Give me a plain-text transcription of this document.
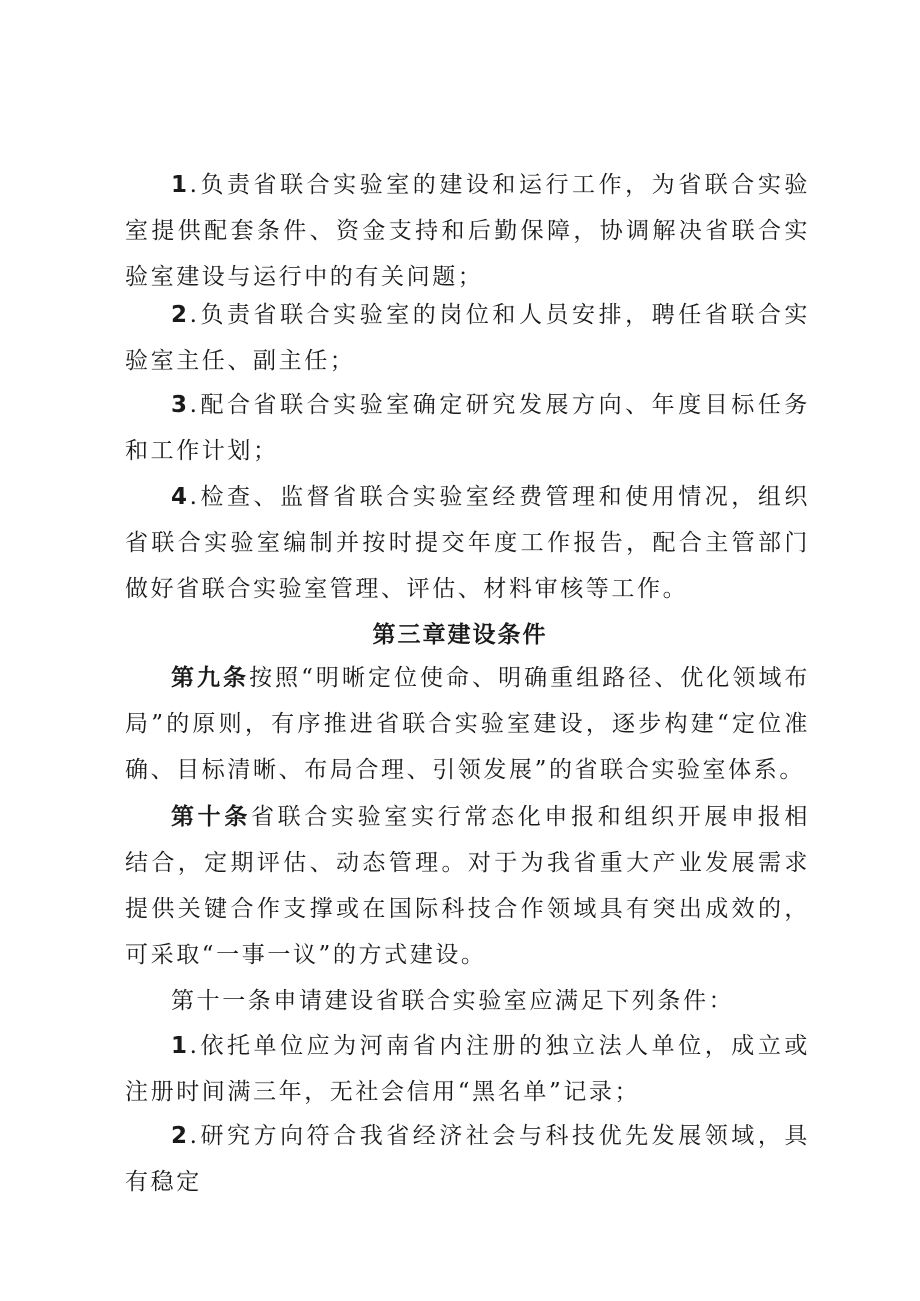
1.负责省联合实验室的建设和运行工作，为省联合实验室提供配套条件、资金支持和后勤保障，协调解决省联合实验室建设与运行中的有关问题；

2.负责省联合实验室的岗位和人员安排，聘任省联合实验室主任、副主任；

3.配合省联合实验室确定研究发展方向、年度目标任务和工作计划；

4.检查、监督省联合实验室经费管理和使用情况，组织省联合实验室编制并按时提交年度工作报告，配合主管部门做好省联合实验室管理、评估、材料审核等工作。

第三章建设条件

第九条按照“明晰定位使命、明确重组路径、优化领域布局”的原则，有序推进省联合实验室建设，逐步构建“定位准确、目标清晰、布局合理、引领发展”的省联合实验室体系。

第十条省联合实验室实行常态化申报和组织开展申报相结合，定期评估、动态管理。对于为我省重大产业发展需求提供关键合作支撑或在国际科技合作领域具有突出成效的，可采取“一事一议”的方式建设。

第十一条申请建设省联合实验室应满足下列条件：

1.依托单位应为河南省内注册的独立法人单位，成立或注册时间满三年，无社会信用“黑名单”记录；

2.研究方向符合我省经济社会与科技优先发展领域，具有稳定
